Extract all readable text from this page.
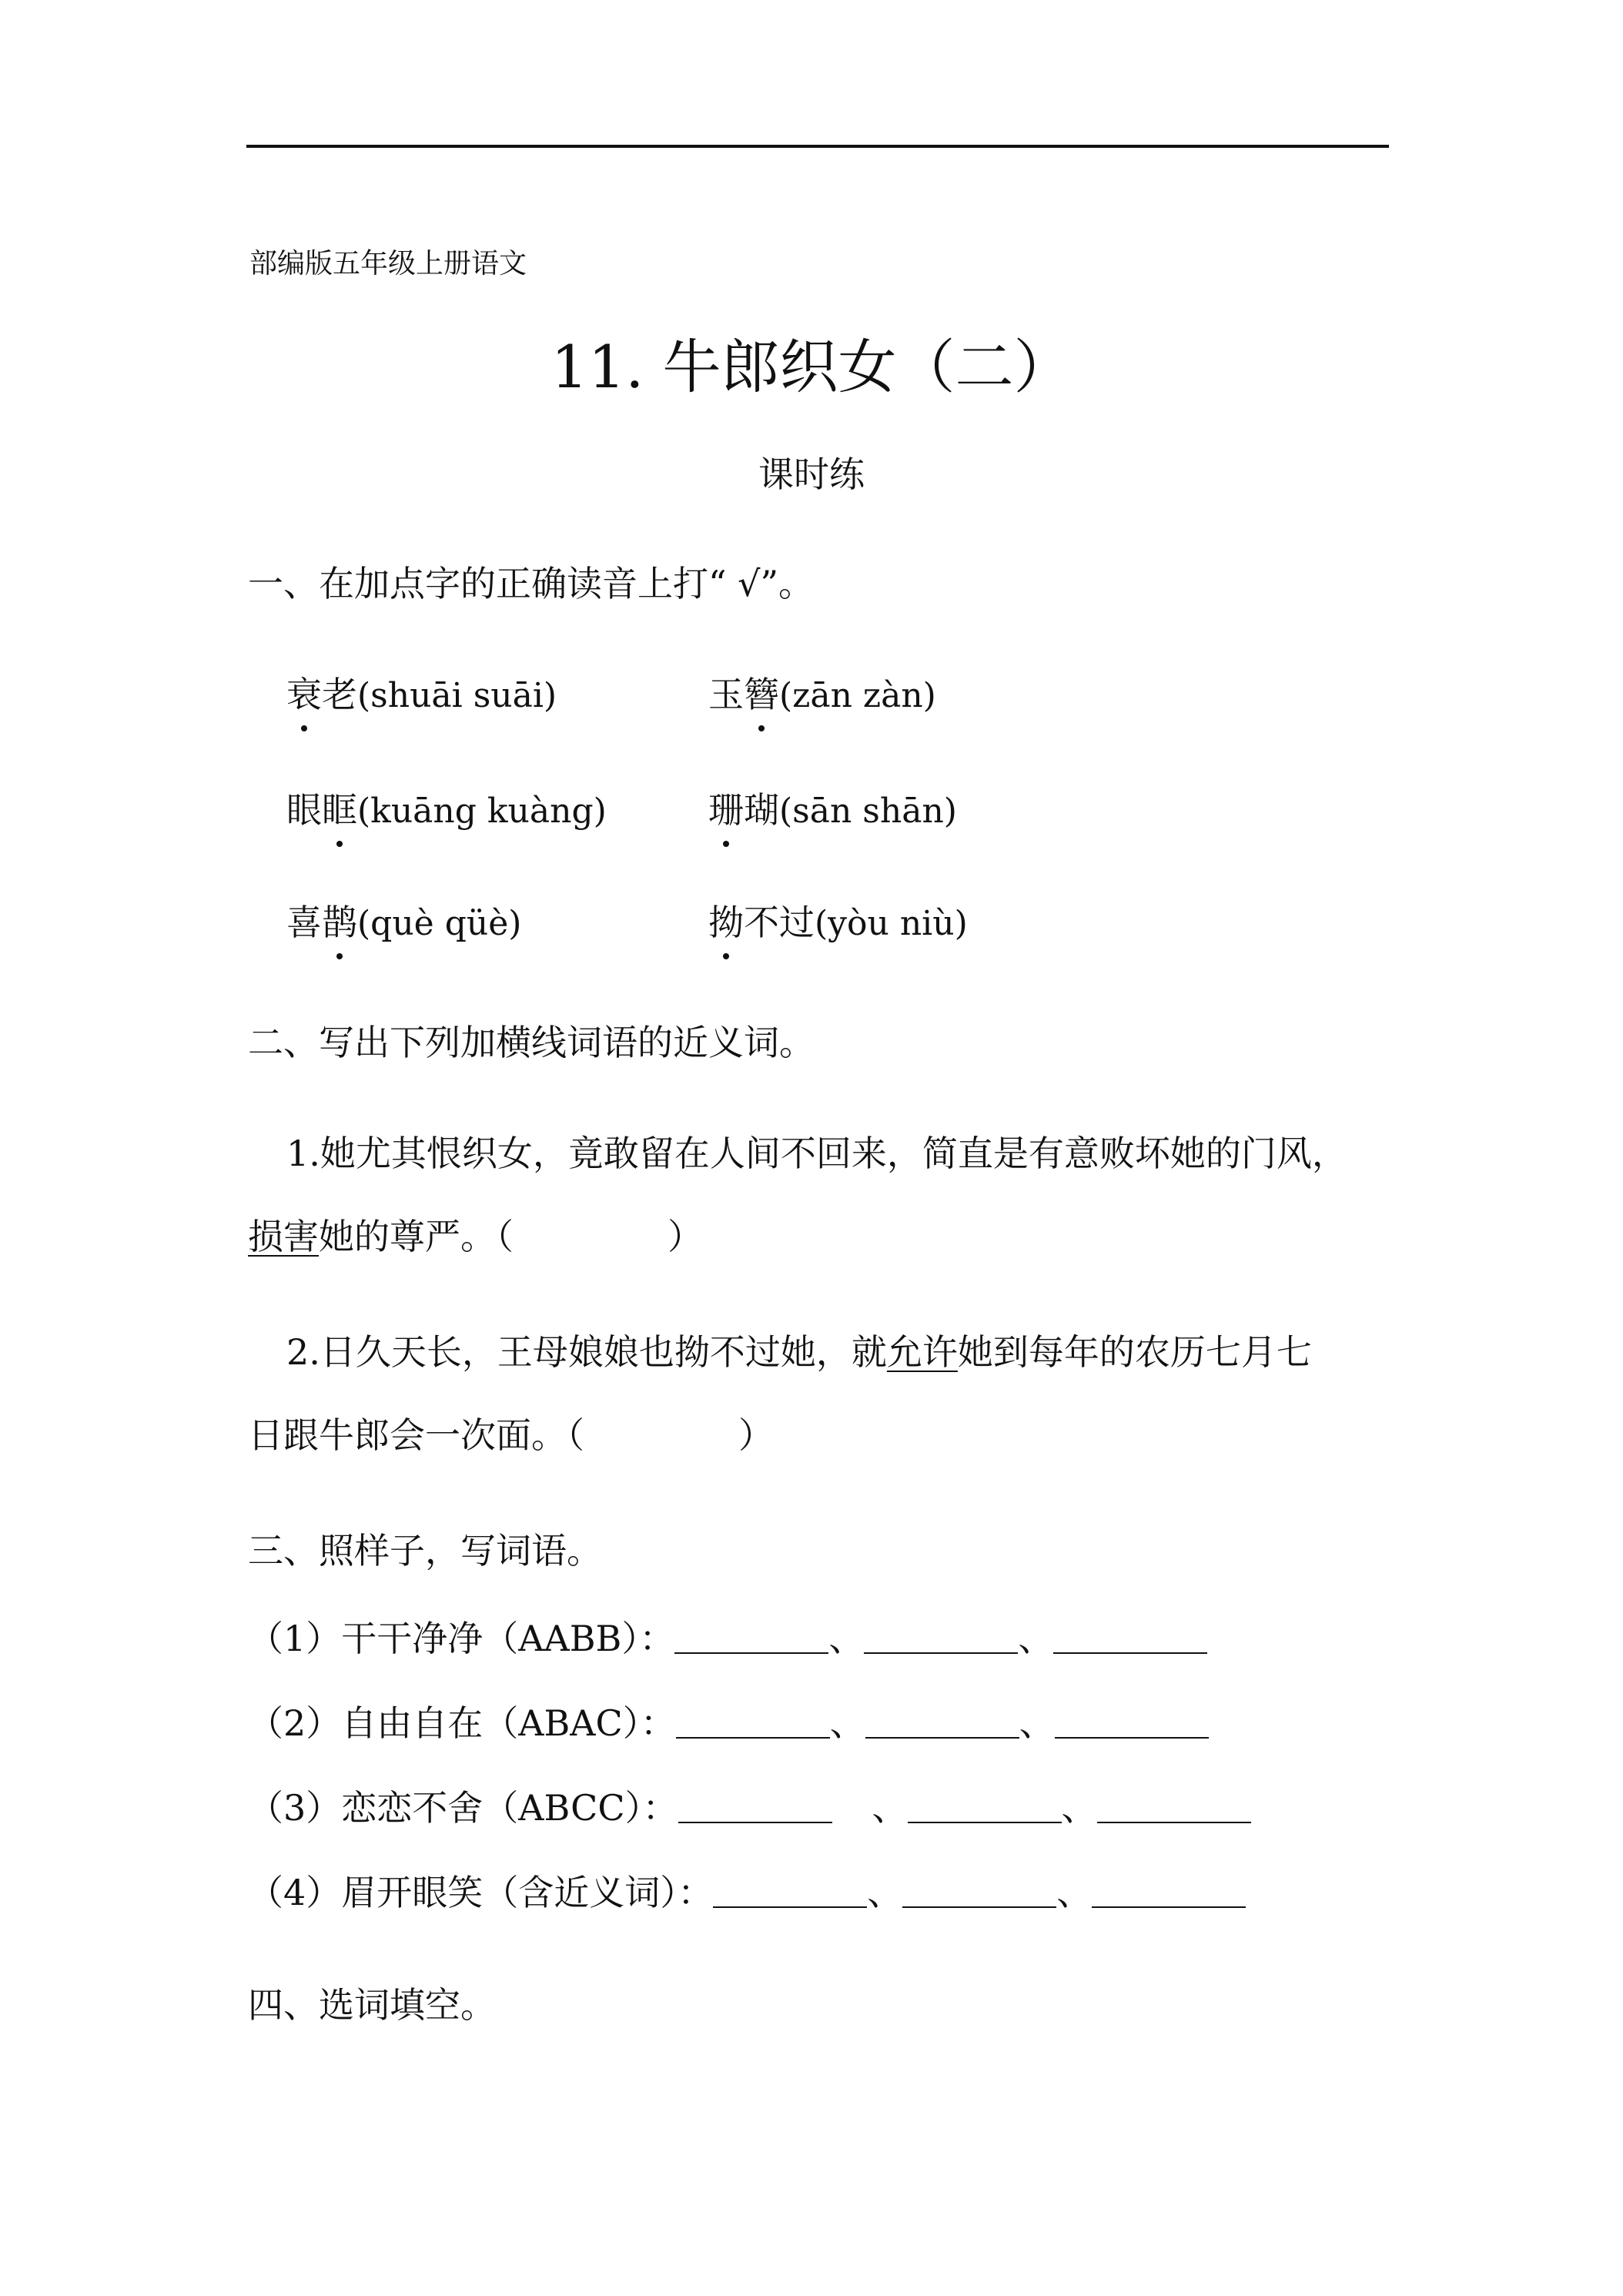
部编版五年级上册语文
11. 牛郎织女（二）
课时练
一、在加点字的正确读音上打“ √”。
衰老(shuāi suāi)	玉簪(zān zàn)
眼眶(kuāng kuàng)	珊瑚(sān shān)
喜鹊(què qüè)	拗不过(yòu niù)
二、写出下列加横线词语的近义词。
1.她尤其恨织女，竟敢留在人间不回来，简直是有意败坏她的门风，
损害她的尊严。（	）
2.日久天长，王母娘娘也拗不过她，就允许她到每年的农历七月七
日跟牛郎会一次面。（	）
三、照样子，写词语。
（1）干干净净（AABB）：	、	、
（2）自由自在（ABAC）：	、	、
（3）恋恋不舍（ABCC）：	、	、
（4）眉开眼笑（含近义词）：	、	、
四、选词填空。
